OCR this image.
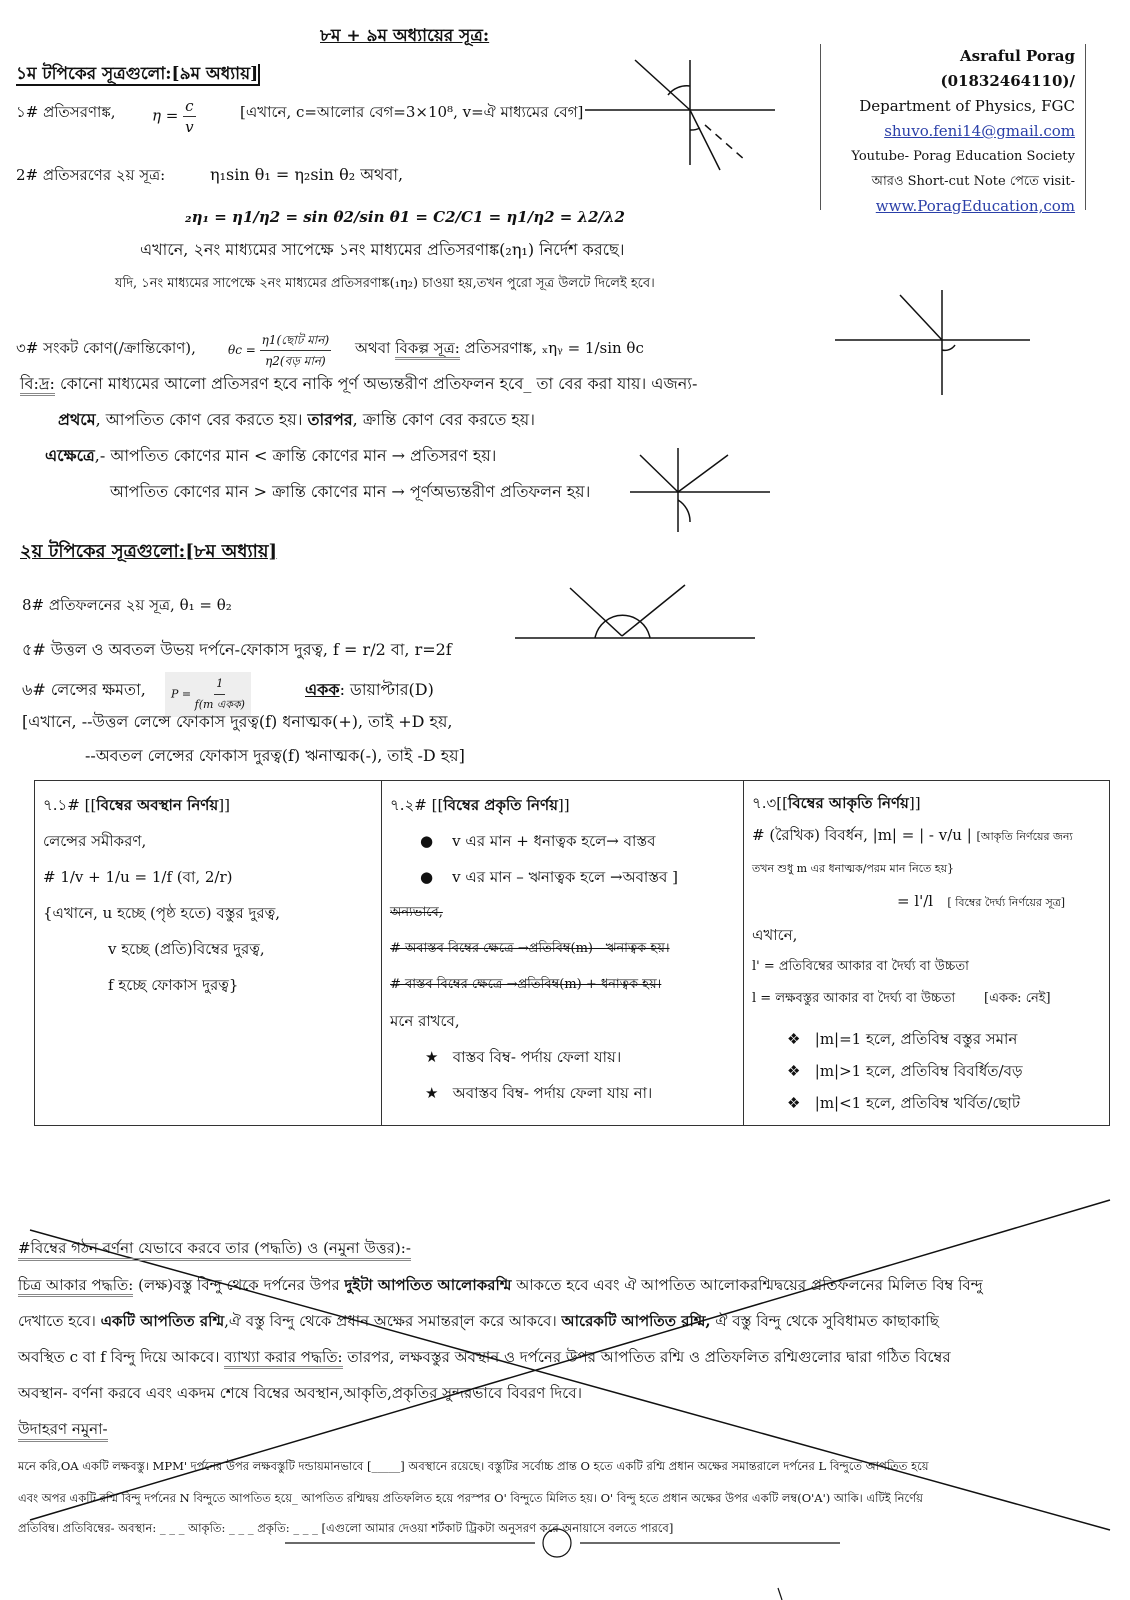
৮ম + ৯ম অধ্যায়ের সূত্র:
Asraful Porag (01832464110)/
Department of Physics, FGC
shuvo.feni14@gmail.com
Youtube- Porag Education Society
আরও Short-cut Note পেতে visit-
www.PoragEducation,com
১ম টপিকের সূত্রগুলো:[৯ম অধ্যায়]
১# প্রতিসরণাঙ্ক, $\eta = \frac{c}{v}$	[এখানে, c=আলোর বেগ=3×10⁸, v=ঐ মাধ্যমের বেগ]
2# প্রতিসরণের ২য় সূত্র:	η₁sin θ₁ = η₂sin θ₂ অথবা,
₂η₁ = η1/η2 = sin θ2/sin θ1 = C2/C1 = η1/η2 = λ2/λ2
এখানে, ২নং মাধ্যমের সাপেক্ষে ১নং মাধ্যমের প্রতিসরণাঙ্ক(₂η₁) নির্দেশ করছে।
যদি, ১নং মাধ্যমের সাপেক্ষে ২নং মাধ্যমের প্রতিসরণাঙ্ক(₁η₂) চাওয়া হয়,তখন পুরো সূত্র উলটে দিলেই হবে।
৩# সংকট কোণ(/ক্রান্তিকোণ),	$\theta c = \frac{\text{η1(ছোট মান)}}{\text{η2(বড় মান)}}$ অথবা বিকল্প সূত্র: প্রতিসরণাঙ্ক, ₓηᵧ = 1/sin θc
বি:দ্র: কোনো মাধ্যমের আলো প্রতিসরণ হবে নাকি পূর্ণ অভ্যন্তরীণ প্রতিফলন হবে_ তা বের করা যায়। এজন্য-
প্রথমে, আপতিত কোণ বের করতে হয়। তারপর, ক্রান্তি কোণ বের করতে হয়।
এক্ষেত্রে,- আপতিত কোণের মান < ক্রান্তি কোণের মান → প্রতিসরণ হয়।
আপতিত কোণের মান > ক্রান্তি কোণের মান → পূর্ণঅভ্যন্তরীণ প্রতিফলন হয়।
২য় টপিকের সূত্রগুলো:[৮ম অধ্যায়]
8# প্রতিফলনের ২য় সূত্র, θ₁ = θ₂
৫# উত্তল ও অবতল উভয় দর্পনে-ফোকাস দুরত্ব, f = r/2 বা, r=2f
৬# লেন্সের ক্ষমতা,	$P = \frac{1}{\text{f(m একক)}}$	একক: ডায়াপ্টার(D)
[এখানে, --উত্তল লেন্সে ফোকাস দুরত্ব(f) ধনাত্মক(+), তাই +D হয়,
--অবতল লেন্সের ফোকাস দুরত্ব(f) ঋনাত্মক(-), তাই -D হয়]
৭.১# [[বিম্বের অবস্থান নির্ণয়]]
লেন্সের সমীকরণ,
# 1/v + 1/u = 1/f (বা, 2/r)
{এখানে, u হচ্ছে (পৃষ্ঠ হতে) বস্তুর দুরত্ব,
v হচ্ছে (প্রতি)বিম্বের দুরত্ব,
f হচ্ছে ফোকাস দুরত্ব}

৭.২# [[বিম্বের প্রকৃতি নির্ণয়]]
●    v এর মান + ধনাত্বক হলে→ বাস্তব
●    v এর মান – ঋনাত্বক হলে →অবাস্তব ]
অন্যভাবে,
# অবাস্তব বিম্বের ক্ষেত্রে →প্রতিবিম্ব(m) - ঋনাত্বক হয়।
# বাস্তব বিম্বের ক্ষেত্রে →প্রতিবিম্ব(m) + ধনাত্বক হয়।
মনে রাখবে,
★   বাস্তব বিম্ব- পর্দায় ফেলা যায়।
★   অবাস্তব বিম্ব- পর্দায় ফেলা যায় না।

৭.৩[[বিম্বের আকৃতি নির্ণয়]]
# (রৈখিক) বিবর্ধন, |m| = | - v/u | [আকৃতি নির্ণয়ের জন্য
তখন শুধু m এর ধনাত্মক/পরম মান নিতে হয়}
= l'/l [ বিম্বের দৈর্ঘ্য নির্ণয়ের সূত্র]
এখানে,
l' = প্রতিবিম্বের আকার বা দৈর্ঘ্য বা উচ্চতা
l = লক্ষবস্তুর আকার বা দৈর্ঘ্য বা উচ্চতা [একক: নেই]
❖   |m|=1 হলে, প্রতিবিম্ব বস্তুর সমান
❖   |m|>1 হলে, প্রতিবিম্ব বিবর্ধিত/বড়
❖   |m|<1 হলে, প্রতিবিম্ব খর্বিত/ছোট
#বিম্বের গঠন বর্ণনা যেভাবে করবে তার (পদ্ধতি) ও (নমুনা উত্তর):-
চিত্র আকার পদ্ধতি: (লক্ষ)বস্তু বিন্দু থেকে দর্পনের উপর দুইটা আপতিত আলোকরশ্মি আকতে হবে এবং ঐ আপতিত আলোকরশ্মিদ্বয়ের প্রতিফলনের মিলিত বিম্ব বিন্দু
দেখাতে হবে। একটি আপতিত রশ্মি,ঐ বস্তু বিন্দু থেকে প্রধান অক্ষের সমান্তরা্ল করে আকবে। আরেকটি আপতিত রশ্মি, ঐ বস্তু বিন্দু থেকে সুবিধামত কাছাকাছি
অবস্থিত c বা f বিন্দু দিয়ে আকবে। ব্যাখ্যা করার পদ্ধতি: তারপর, লক্ষবস্তুর অবস্থান ও দর্পনের উপর আপতিত রশ্মি ও প্রতিফলিত রশ্মিগুলোর দ্বারা গঠিত বিম্বের
অবস্থান- বর্ণনা করবে এবং একদম শেষে বিম্বের অবস্থান,আকৃতি,প্রকৃতির সুন্দরভাবে বিবরণ দিবে।
উদাহরণ নমুনা-
মনে করি,OA একটি লক্ষবস্তু। MPM' দর্পনের উপর লক্ষবস্তুটি দন্ডায়মানভাবে [_____] অবস্থানে রয়েছে। বস্তুটির সর্বোচ্চ প্রান্ত O হতে একটি রশ্মি প্রধান অক্ষের সমান্তরালে দর্পনের L বিন্দুতে আপতিত হয়ে
এবং অপর একটি রশ্মি বিন্দু দর্পনের N বিন্দুতে আপতিত হয়ে_ আপতিত রশ্মিদ্বয় প্রতিফলিত হয়ে পরস্পর O' বিন্দুতে মিলিত হয়। O' বিন্দু হতে প্রধান অক্ষের উপর একটি লম্ব(O'A') আকি। এটিই নির্ণেয়
প্রতিবিম্ব। প্রতিবিম্বের- অবস্থান: _ _ _ আকৃতি: _ _ _ প্রকৃতি: _ _ _ [এগুলো আমার দেওয়া শর্টকাট ট্রিকটা অনুসরণ করে অনায়াসে বলতে পারবে]
